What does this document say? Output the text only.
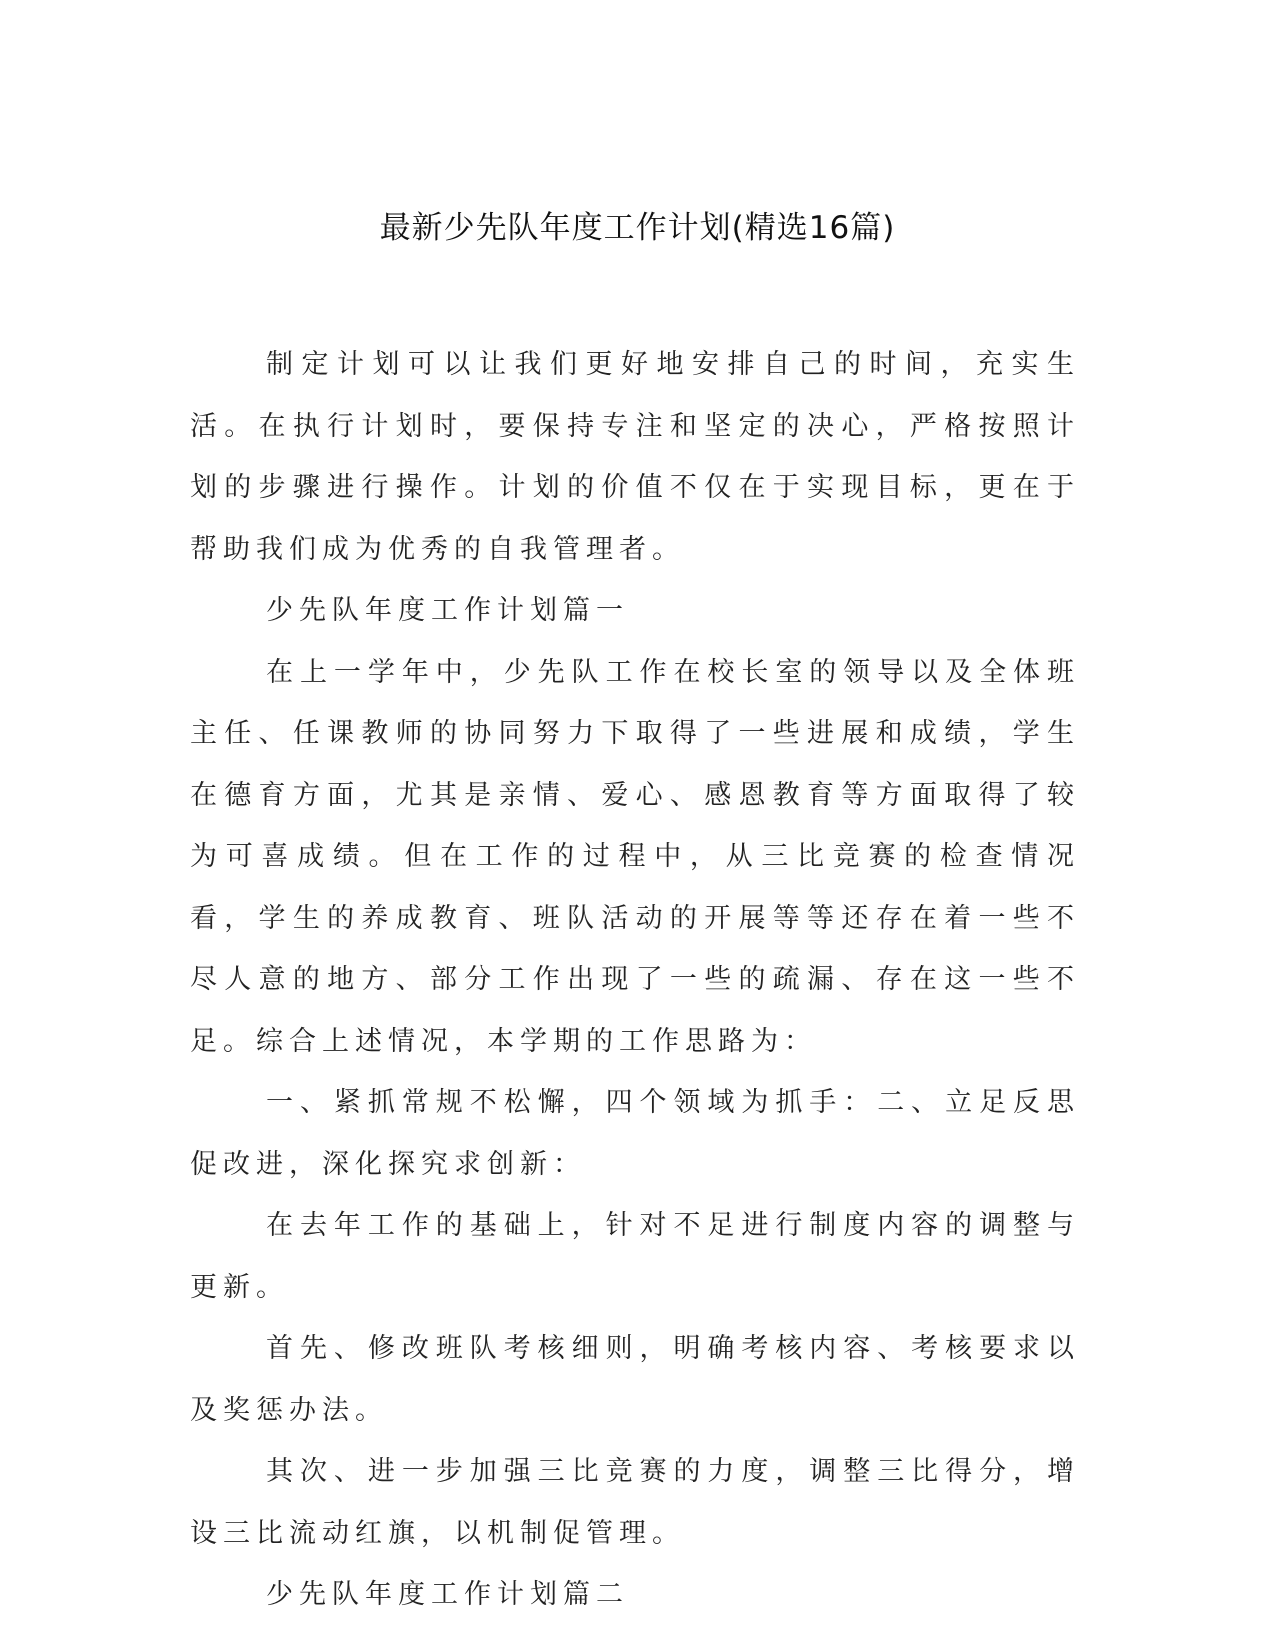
最新少先队年度工作计划(精选16篇)

制定计划可以让我们更好地安排自己的时间，充实生活。在执行计划时，要保持专注和坚定的决心，严格按照计划的步骤进行操作。计划的价值不仅在于实现目标，更在于帮助我们成为优秀的自我管理者。

少先队年度工作计划篇一

在上一学年中，少先队工作在校长室的领导以及全体班主任、任课教师的协同努力下取得了一些进展和成绩，学生在德育方面，尤其是亲情、爱心、感恩教育等方面取得了较为可喜成绩。但在工作的过程中，从三比竞赛的检查情况看，学生的养成教育、班队活动的开展等等还存在着一些不尽人意的地方、部分工作出现了一些的疏漏、存在这一些不足。综合上述情况，本学期的工作思路为：

一、紧抓常规不松懈，四个领域为抓手：二、立足反思促改进，深化探究求创新：

在去年工作的基础上，针对不足进行制度内容的调整与更新。

首先、修改班队考核细则，明确考核内容、考核要求以及奖惩办法。

其次、进一步加强三比竞赛的力度，调整三比得分，增设三比流动红旗，以机制促管理。

少先队年度工作计划篇二
